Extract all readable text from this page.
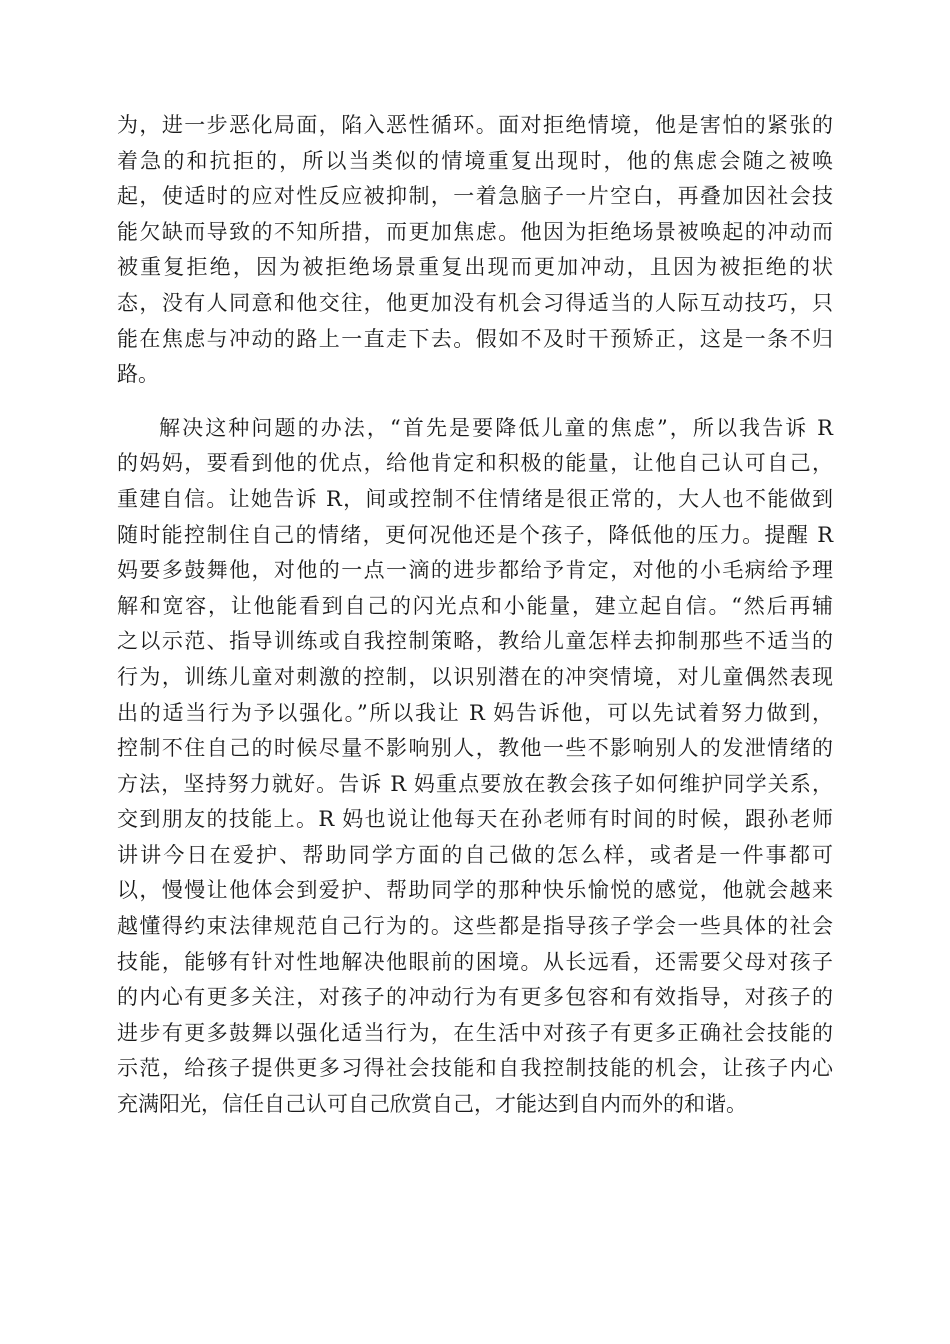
为，进一步恶化局面，陷入恶性循环。面对拒绝情境，他是害怕的紧张的
着急的和抗拒的，所以当类似的情境重复出现时，他的焦虑会随之被唤
起，使适时的应对性反应被抑制，一着急脑子一片空白，再叠加因社会技
能欠缺而导致的不知所措，而更加焦虑。他因为拒绝场景被唤起的冲动而
被重复拒绝，因为被拒绝场景重复出现而更加冲动，且因为被拒绝的状
态，没有人同意和他交往，他更加没有机会习得适当的人际互动技巧，只
能在焦虑与冲动的路上一直走下去。假如不及时干预矫正，这是一条不归
路。

解决这种问题的办法，“首先是要降低儿童的焦虑”，所以我告诉 R
的妈妈，要看到他的优点，给他肯定和积极的能量，让他自己认可自己，
重建自信。让她告诉 R，间或控制不住情绪是很正常的，大人也不能做到
随时能控制住自己的情绪，更何况他还是个孩子，降低他的压力。提醒 R
妈要多鼓舞他，对他的一点一滴的进步都给予肯定，对他的小毛病给予理
解和宽容，让他能看到自己的闪光点和小能量，建立起自信。“然后再辅
之以示范、指导训练或自我控制策略，教给儿童怎样去抑制那些不适当的
行为，训练儿童对刺激的控制，以识别潜在的冲突情境，对儿童偶然表现
出的适当行为予以强化。”所以我让 R 妈告诉他，可以先试着努力做到，
控制不住自己的时候尽量不影响别人，教他一些不影响别人的发泄情绪的
方法，坚持努力就好。告诉 R 妈重点要放在教会孩子如何维护同学关系，
交到朋友的技能上。R 妈也说让他每天在孙老师有时间的时候，跟孙老师
讲讲今日在爱护、帮助同学方面的自己做的怎么样，或者是一件事都可
以，慢慢让他体会到爱护、帮助同学的那种快乐愉悦的感觉，他就会越来
越懂得约束法律规范自己行为的。这些都是指导孩子学会一些具体的社会
技能，能够有针对性地解决他眼前的困境。从长远看，还需要父母对孩子
的内心有更多关注，对孩子的冲动行为有更多包容和有效指导，对孩子的
进步有更多鼓舞以强化适当行为，在生活中对孩子有更多正确社会技能的
示范，给孩子提供更多习得社会技能和自我控制技能的机会，让孩子内心
充满阳光，信任自己认可自己欣赏自己，才能达到自内而外的和谐。
